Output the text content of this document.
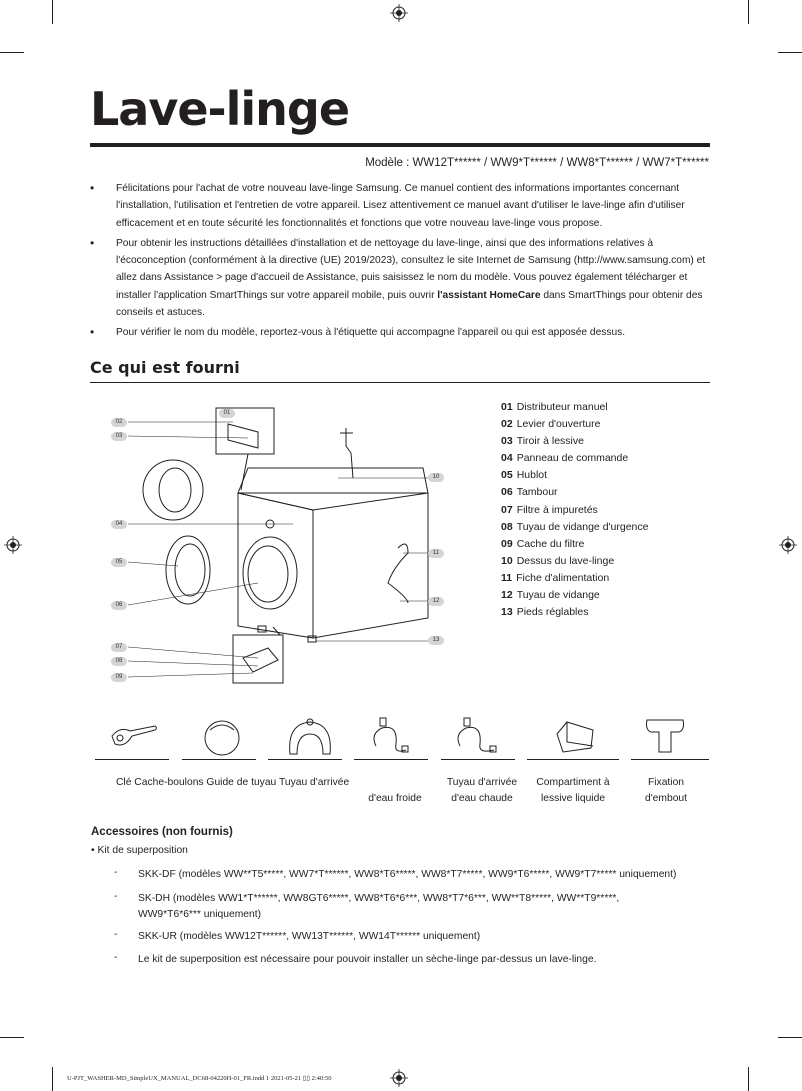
Lave-linge
Modèle : WW12T****** / WW9*T****** / WW8*T****** / WW7*T******
• Félicitations pour l'achat de votre nouveau lave-linge Samsung. Ce manuel contient des informations importantes concernant l'installation, l'utilisation et l'entretien de votre appareil. Lisez attentivement ce manuel avant d'utiliser le lave-linge afin d'utiliser efficacement et en toute sécurité les fonctionnalités et fonctions que votre nouveau lave-linge vous propose.
• Pour obtenir les instructions détaillées d'installation et de nettoyage du lave-linge, ainsi que des informations relatives à l'écoconception (conformément à la directive (UE) 2019/2023), consultez le site Internet de Samsung (http://www.samsung.com) et allez dans Assistance > page d'accueil de Assistance, puis saisissez le nom du modèle. Vous pouvez également télécharger et installer l'application SmartThings sur votre appareil mobile, puis ouvrir l'assistant HomeCare dans SmartThings pour obtenir des conseils et astuces.
• Pour vérifier le nom du modèle, reportez-vous à l'étiquette qui accompagne l'appareil ou qui est apposée dessus.
Ce qui est fourni
01
02
03
04
05
06
07
08
09
10
11
12
13
01 Distributeur manuel
02 Levier d'ouverture
03 Tiroir à lessive
04 Panneau de commande
05 Hublot
06 Tambour
07 Filtre à impuretés
08 Tuyau de vidange d'urgence
09 Cache du filtre
10 Dessus du lave-linge
11 Fiche d'alimentation
12 Tuyau de vidange
13 Pieds réglables
Clé Cache-boulons Guide de tuyau Tuyau d'arrivée
d'eau froide
Tuyau d'arrivée
d'eau chaude
Compartiment à
lessive liquide
Fixation
d'embout
Accessoires (non fournis)
• Kit de superposition
- SKK-DF (modèles WW**T5*****, WW7*T******, WW8*T6*****, WW8*T7*****, WW9*T6*****, WW9*T7***** uniquement)
- SK-DH (modèles WW1*T******, WW8GT6*****, WW8*T6*6***, WW8*T7*6***, WW**T8*****, WW**T9*****,
WW9*T6*6*** uniquement)
- SKK-UR (modèles WW12T******, WW13T******, WW14T****** uniquement)
- Le kit de superposition est nécessaire pour pouvoir installer un sèche-linge par-dessus un lave-linge.
U-PJT_WASHER-MD_SimpleUX_MANUAL_DC68-04220H-01_FR.indd 1 2021-05-21 ▯▯ 2:40:50
